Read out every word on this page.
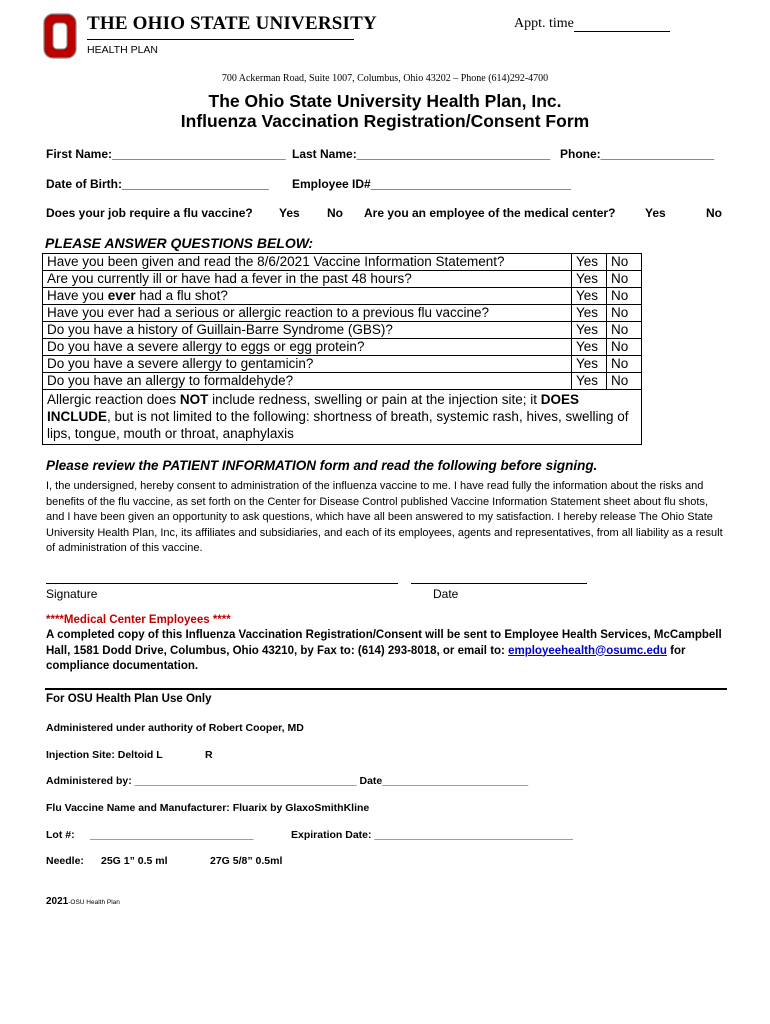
THE OHIO STATE UNIVERSITY
HEALTH PLAN
Appt. time
700 Ackerman Road, Suite 1007, Columbus, Ohio 43202 – Phone (614)292-4700
The Ohio State University Health Plan, Inc.
Influenza Vaccination Registration/Consent Form
First Name:__________________________ Last Name:_____________________________ Phone:_________________
Date of Birth:______________________ Employee ID#______________________________
Does your job require a flu vaccine? Yes No Are you an employee of the medical center? Yes	No
PLEASE ANSWER QUESTIONS BELOW:
Have you been given and read the 8/6/2021 Vaccine Information Statement?	Yes	No
Are you currently ill or have had a fever in the past 48 hours?	Yes	No
Have you ever had a flu shot?	Yes	No
Have you ever had a serious or allergic reaction to a previous flu vaccine?	Yes	No
Do you have a history of Guillain-Barre Syndrome (GBS)?	Yes	No
Do you have a severe allergy to eggs or egg protein?	Yes	No
Do you have a severe allergy to gentamicin?	Yes	No
Do you have an allergy to formaldehyde?	Yes	No
Allergic reaction does NOT include redness, swelling or pain at the injection site; it DOES INCLUDE, but is not limited to the following: shortness of breath, systemic rash, hives, swelling of lips, tongue, mouth or throat, anaphylaxis		
Please review the PATIENT INFORMATION form and read the following before signing.
I, the undersigned, hereby consent to administration of the influenza vaccine to me. I have read fully the information about the risks and benefits of the flu vaccine, as set forth on the Center for Disease Control published Vaccine Information Statement sheet about flu shots, and I have been given an opportunity to ask questions, which have all been answered to my satisfaction. I hereby release The Ohio State University Health Plan, Inc, its affiliates and subsidiaries, and each of its employees, agents and representatives, from all liability as a result of administration of this vaccine.
Signature	Date
****Medical Center Employees ****
A completed copy of this Influenza Vaccination Registration/Consent will be sent to Employee Health Services, McCampbell Hall, 1581 Dodd Drive, Columbus, Ohio 43210, by Fax to: (614) 293-8018, or email to: employeehealth@osumc.edu for compliance documentation.
For OSU Health Plan Use Only
Administered under authority of Robert Cooper, MD
Injection Site: Deltoid L	R
Administered by: ______________________________________ Date_________________________
Flu Vaccine Name and Manufacturer: Fluarix by GlaxoSmithKline
Lot #: ____________________________	Expiration Date: __________________________________
Needle: 25G 1” 0.5 ml	27G 5/8” 0.5ml
2021-OSU Health Plan
